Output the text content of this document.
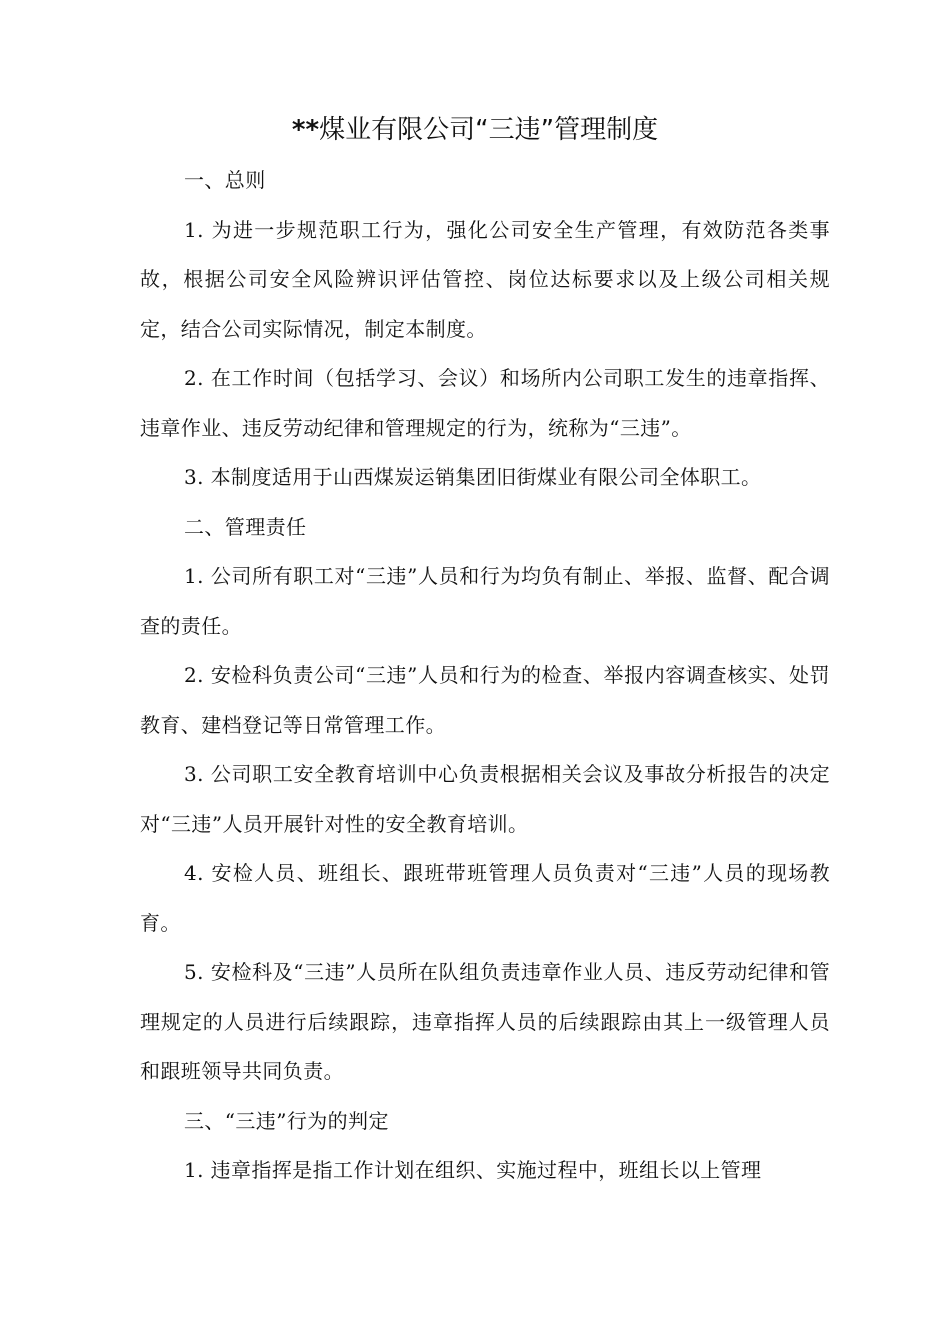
**煤业有限公司“三违”管理制度

一、总则

1. 为进一步规范职工行为，强化公司安全生产管理，有效防范各类事故，根据公司安全风险辨识评估管控、岗位达标要求以及上级公司相关规定，结合公司实际情况，制定本制度。

2. 在工作时间（包括学习、会议）和场所内公司职工发生的违章指挥、违章作业、违反劳动纪律和管理规定的行为，统称为“三违”。

3. 本制度适用于山西煤炭运销集团旧街煤业有限公司全体职工。

二、管理责任

1. 公司所有职工对“三违”人员和行为均负有制止、举报、监督、配合调查的责任。

2. 安检科负责公司“三违”人员和行为的检查、举报内容调查核实、处罚教育、建档登记等日常管理工作。

3. 公司职工安全教育培训中心负责根据相关会议及事故分析报告的决定对“三违”人员开展针对性的安全教育培训。

4. 安检人员、班组长、跟班带班管理人员负责对“三违”人员的现场教育。

5. 安检科及“三违”人员所在队组负责违章作业人员、违反劳动纪律和管理规定的人员进行后续跟踪，违章指挥人员的后续跟踪由其上一级管理人员和跟班领导共同负责。

三、“三违”行为的判定

1. 违章指挥是指工作计划在组织、实施过程中，班组长以上管理
